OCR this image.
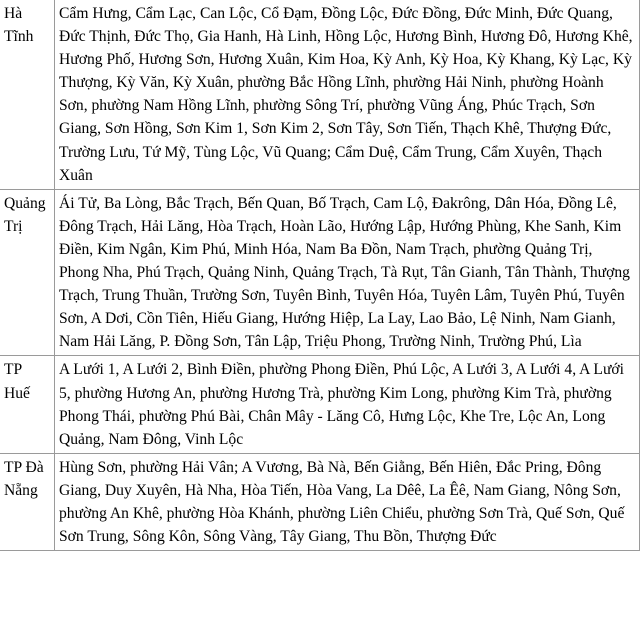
Hà Tĩnh	Cẩm Hưng, Cẩm Lạc, Can Lộc, Cổ Đạm, Đồng Lộc, Đức Đồng, Đức Minh, Đức Quang, Đức Thịnh, Đức Thọ, Gia Hanh, Hà Linh, Hồng Lộc, Hương Bình, Hương Đô, Hương Khê, Hương Phố, Hương Sơn, Hương Xuân, Kim Hoa, Kỳ Anh, Kỳ Hoa, Kỳ Khang, Kỳ Lạc, Kỳ Thượng, Kỳ Văn, Kỳ Xuân, phường Bắc Hồng Lĩnh, phường Hải Ninh, phường Hoành Sơn, phường Nam Hồng Lĩnh, phường Sông Trí, phường Vũng Áng, Phúc Trạch, Sơn Giang, Sơn Hồng, Sơn Kim 1, Sơn Kim 2, Sơn Tây, Sơn Tiến, Thạch Khê, Thượng Đức, Trường Lưu, Tứ Mỹ, Tùng Lộc, Vũ Quang; Cẩm Duệ, Cẩm Trung, Cẩm Xuyên, Thạch Xuân
Quảng Trị	Ái Tử, Ba Lòng, Bắc Trạch, Bến Quan, Bố Trạch, Cam Lộ, Đakrông, Dân Hóa, Đồng Lê, Đông Trạch, Hải Lăng, Hòa Trạch, Hoàn Lão, Hướng Lập, Hướng Phùng, Khe Sanh, Kim Điền, Kim Ngân, Kim Phú, Minh Hóa, Nam Ba Đồn, Nam Trạch, phường Quảng Trị, Phong Nha, Phú Trạch, Quảng Ninh, Quảng Trạch, Tà Rụt, Tân Gianh, Tân Thành, Thượng Trạch, Trung Thuần, Trường Sơn, Tuyên Bình, Tuyên Hóa, Tuyên Lâm, Tuyên Phú, Tuyên Sơn, A Dơi, Cồn Tiên, Hiếu Giang, Hướng Hiệp, La Lay, Lao Bảo, Lệ Ninh, Nam Gianh, Nam Hải Lăng, P. Đồng Sơn, Tân Lập, Triệu Phong, Trường Ninh, Trường Phú, Lìa
TP Huế	A Lưới 1, A Lưới 2, Bình Điền, phường Phong Điền, Phú Lộc, A Lưới 3, A Lưới 4, A Lưới 5, phường Hương An, phường Hương Trà, phường Kim Long, phường Kim Trà, phường Phong Thái, phường Phú Bài, Chân Mây - Lăng Cô, Hưng Lộc, Khe Tre, Lộc An, Long Quảng, Nam Đông, Vinh Lộc
TP Đà Nẵng	Hùng Sơn, phường Hải Vân; A Vương, Bà Nà, Bến Giằng, Bến Hiên, Đắc Pring, Đông Giang, Duy Xuyên, Hà Nha, Hòa Tiến, Hòa Vang, La Dêê, La Êê, Nam Giang, Nông Sơn, phường An Khê, phường Hòa Khánh, phường Liên Chiểu, phường Sơn Trà, Quế Sơn, Quế Sơn Trung, Sông Kôn, Sông Vàng, Tây Giang, Thu Bồn, Thượng Đức
